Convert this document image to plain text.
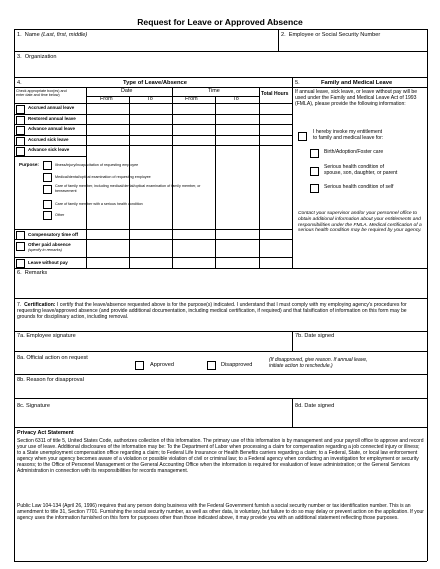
Request for Leave or Approved Absence
1. Name (Last, first, middle)	2. Employee or Social Security Number
3. Organization
4.	Type of Leave/Absence	5.	Family and Medical Leave
Check appropriate box(es) and
enter date and time below)
Date	Time	Total Hours
From	To	From	To
Accrued annual leave
Restored annual leave
Advance annual leave
Accrued sick leave
Advance sick leave
Purpose:	Illness/injury/incapacitation of requesting employee
Medical/dental/optical examination of requesting employee
Care of family member, including medical/dental/optical examination of family member, or
bereavement
Care of family member with a serious health condition
Other
Compensatory time off
Other paid absence
(specify in remarks)
Leave without pay
If annual leave, sick leave, or leave without pay will be used under the Family and Medical Leave Act of 1993 (FMLA), please provide the following information:
I hereby invoke my entitlement
to family and medical leave for:
Birth/Adoption/Foster care
Serious health condition of
spouse, son, daughter, or parent
Serious health condition of self
Contact your supervisor and/or your personnel office to obtain additional information about your entitlements and responsibilities under the FMLA. Medical certification of a serious health condition may be required by your agency.
6. Remarks
7. Certification: I certify that the leave/absence requested above is for the purpose(s) indicated. I understand that I must comply with my employing agency's procedures for requesting leave/approved absence (and provide additional documentation, including medical certification, if required) and that falsification of information on this form may be grounds for disciplinary action, including removal.
7a. Employee signature	7b. Date signed
8a. Official action on request
Approved	Disapproved
(If disapproved, give reason. If annual leave,
initiate action to reschedule.)
8b. Reason for disapproval
8c. Signature	8d. Date signed
Privacy Act Statement
Section 6311 of title 5, United States Code, authorizes collection of this information. The primary use of this information is by management and your payroll office to approve and record your use of leave. Additional disclosures of the information may be: To the Department of Labor when processing a claim for compensation regarding a job connected injury or illness; to a State unemployment compensation office regarding a claim; to Federal Life Insurance or Health Benefits carriers regarding a claim; to a Federal, State, or local law enforcement agency when your agency becomes aware of a violation or possible violation of civil or criminal law; to a Federal agency when conducting an investigation for employment or security reasons; to the Office of Personnel Management or the General Accounting Office when the information is required for evaluation of leave administration; or the General Services Administration in connection with its responsibilities for records management.
Public Law 104-134 (April 26, 1996) requires that any person doing business with the Federal Government furnish a social security number or tax identification number. This is an amendment to title 31, Section 7701. Furnishing the social security number, as well as other data, is voluntary, but failure to do so may delay or prevent action on the application. If your agency uses the information furnished on this form for purposes other than those indicated above, it may provide you with an additional statement reflecting those purposes.
